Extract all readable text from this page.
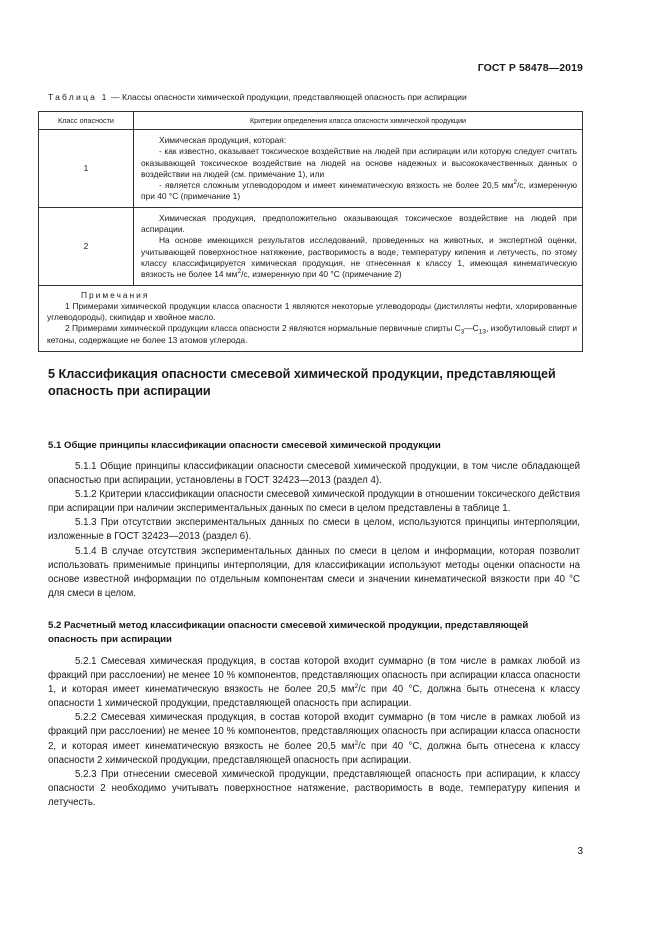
ГОСТ Р 58478—2019
Таблица 1 — Классы опасности химической продукции, представляющей опасность при аспирации
Класс опасности	Критерии определения класса опасности химической продукции
1	Химическая продукция, которая:

- как известно, оказывает токсическое воздействие на людей при аспирации или которую следует считать оказывающей токсическое воздействие на людей на основе надежных и высококачественных данных о воздействии на людей (см. примечание 1), или

- является сложным углеводородом и имеет кинематическую вязкость не более 20,5 $мм^2/с$, измеренную при 40 °С (примечание 1)

2	Химическая продукция, предположительно оказывающая токсическое воздействие на людей при аспирации.

На основе имеющихся результатов исследований, проведенных на животных, и экспертной оценки, учитывающей поверхностное натяжение, растворимость в воде, температуру кипения и летучесть, по этому классу классифицируется химическая продукция, не отнесенная к классу 1, имеющая кинематическую вязкость не более 14 $мм^2/с$, измеренную при 40 °С (примечание 2)

Примечания

1 Примерами химической продукции класса опасности 1 являются некоторые углеводороды (дистилляты нефти, хлорированные углеводороды), скипидар и хвойное масло.

2 Примерами химической продукции класса опасности 2 являются нормальные первичные спирты $С_3—С_{13}$, изобутиловый спирт и кетоны, содержащие не более 13 атомов углерода.	

5 Классификация опасности смесевой химической продукции, представляющей опасность при аспирации
5.1 Общие принципы классификации опасности смесевой химической продукции

5.1.1 Общие принципы классификации опасности смесевой химической продукции, в том числе обладающей опасностью при аспирации, установлены в ГОСТ 32423—2013 (раздел 4).

5.1.2 Критерии классификации опасности смесевой химической продукции в отношении токсического действия при аспирации при наличии экспериментальных данных по смеси в целом представлены в таблице 1.

5.1.3 При отсутствии экспериментальных данных по смеси в целом, используются принципы интерполяции, изложенные в ГОСТ 32423—2013 (раздел 6).

5.1.4 В случае отсутствия экспериментальных данных по смеси в целом и информации, которая позволит использовать применимые принципы интерполяции, для классификации используют методы оценки опасности на основе известной информации по отдельным компонентам смеси и значении кинематической вязкости при 40 °С для смеси в целом.

5.2 Расчетный метод классификации опасности смесевой химической продукции, представляющей опасность при аспирации

5.2.1 Смесевая химическая продукция, в состав которой входит суммарно (в том числе в рамках любой из фракций при расслоении) не менее 10 % компонентов, представляющих опасность при аспирации класса опасности 1, и которая имеет кинематическую вязкость не более 20,5 $мм^2/с$ при 40 °С, должна быть отнесена к классу опасности 1 химической продукции, представляющей опасность при аспирации.

5.2.2 Смесевая химическая продукция, в состав которой входит суммарно (в том числе в рамках любой из фракций при расслоении) не менее 10 % компонентов, представляющих опасность при аспирации класса опасности 2, и которая имеет кинематическую вязкость не более 20,5 $мм^2/с$ при 40 °С, должна быть отнесена к классу опасности 2 химической продукции, представляющей опасность при аспирации.

5.2.3 При отнесении смесевой химической продукции, представляющей опасность при аспирации, к классу опасности 2 необходимо учитывать поверхностное натяжение, растворимость в воде, температуру кипения и летучесть.

3
